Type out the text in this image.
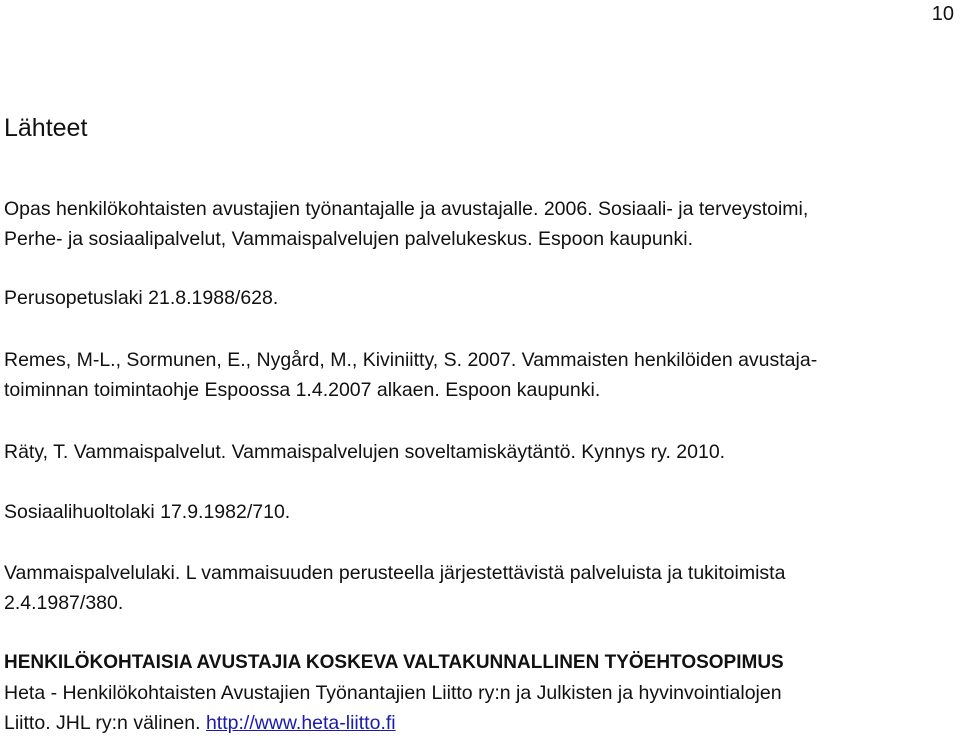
10
Lähteet

Opas henkilökohtaisten avustajien työnantajalle ja avustajalle. 2006. Sosiaali- ja terveystoimi,
Perhe- ja sosiaalipalvelut, Vammaispalvelujen palvelukeskus. Espoon kaupunki.

Perusopetuslaki 21.8.1988/628.

Remes, M-L., Sormunen, E., Nygård, M., Kiviniitty, S. 2007. Vammaisten henkilöiden avustaja-
toiminnan toimintaohje Espoossa 1.4.2007 alkaen. Espoon kaupunki.

Räty, T. Vammaispalvelut. Vammaispalvelujen soveltamiskäytäntö. Kynnys ry. 2010.

Sosiaalihuoltolaki 17.9.1982/710.

Vammaispalvelulaki. L vammaisuuden perusteella järjestettävistä palveluista ja tukitoimista
2.4.1987/380.

HENKILÖKOHTAISIA AVUSTAJIA KOSKEVA VALTAKUNNALLINEN TYÖEHTOSOPIMUS
Heta - Henkilökohtaisten Avustajien Työnantajien Liitto ry:n ja Julkisten ja hyvinvointialojen
Liitto. JHL ry:n välinen. http://www.heta-liitto.fi
